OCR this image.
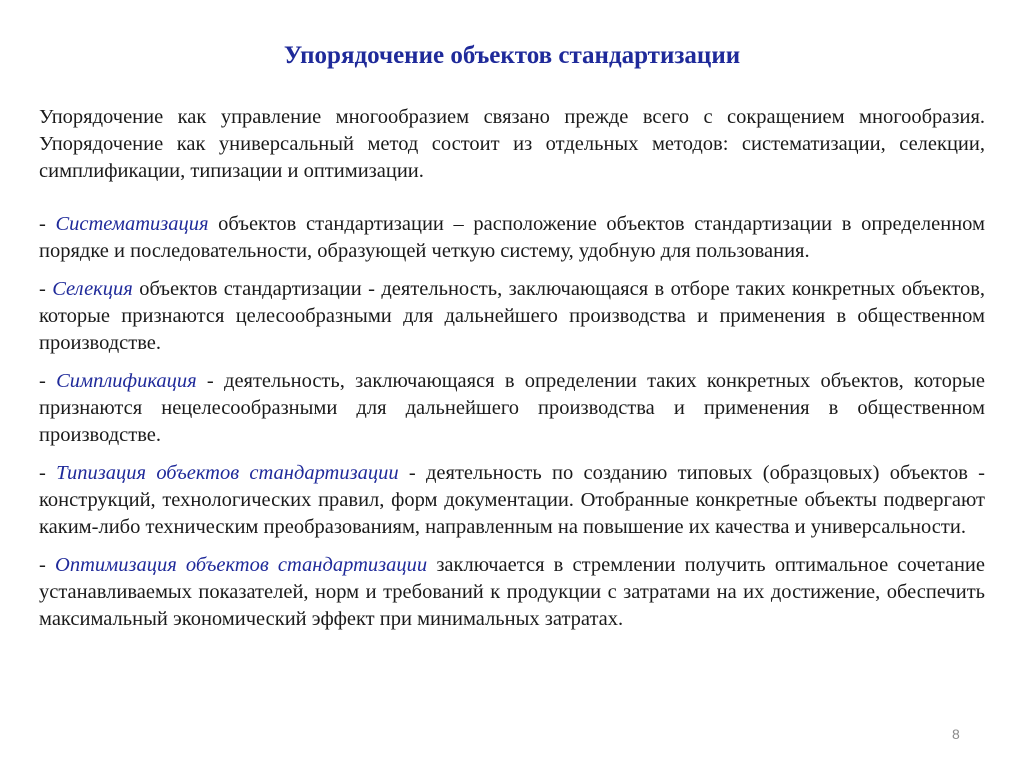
Упорядочение объектов стандартизации

Упорядочение как управление многообразием связано прежде всего с сокращением многообразия. Упорядочение как универсальный метод состоит из отдельных методов: систематизации, селекции, симплификации, типизации и оптимизации.

- Систематизация объектов стандартизации – расположение объектов стандартизации в определенном порядке и последовательности, образующей четкую систему, удобную для пользования.

- Селекция объектов стандартизации - деятельность, заключающаяся в отборе таких конкретных объектов, которые признаются целесообразными для дальнейшего производства и применения в общественном производстве.

- Симплификация - деятельность, заключающаяся в определении таких конкретных объектов, которые признаются нецелесообразными для дальнейшего производства и применения в общественном производстве.

- Типизация объектов стандартизации - деятельность по созданию типовых (образцовых) объектов - конструкций, технологических правил, форм документации. Отобранные конкретные объекты подвергают каким-либо техническим преобразованиям, направленным на повышение их качества и универсальности.

- Оптимизация объектов стандартизации заключается в стремлении получить оптимальное сочетание устанавливаемых показателей, норм и требований к продукции с затратами на их достижение, обеспечить максимальный экономический эффект при минимальных затратах.

8
